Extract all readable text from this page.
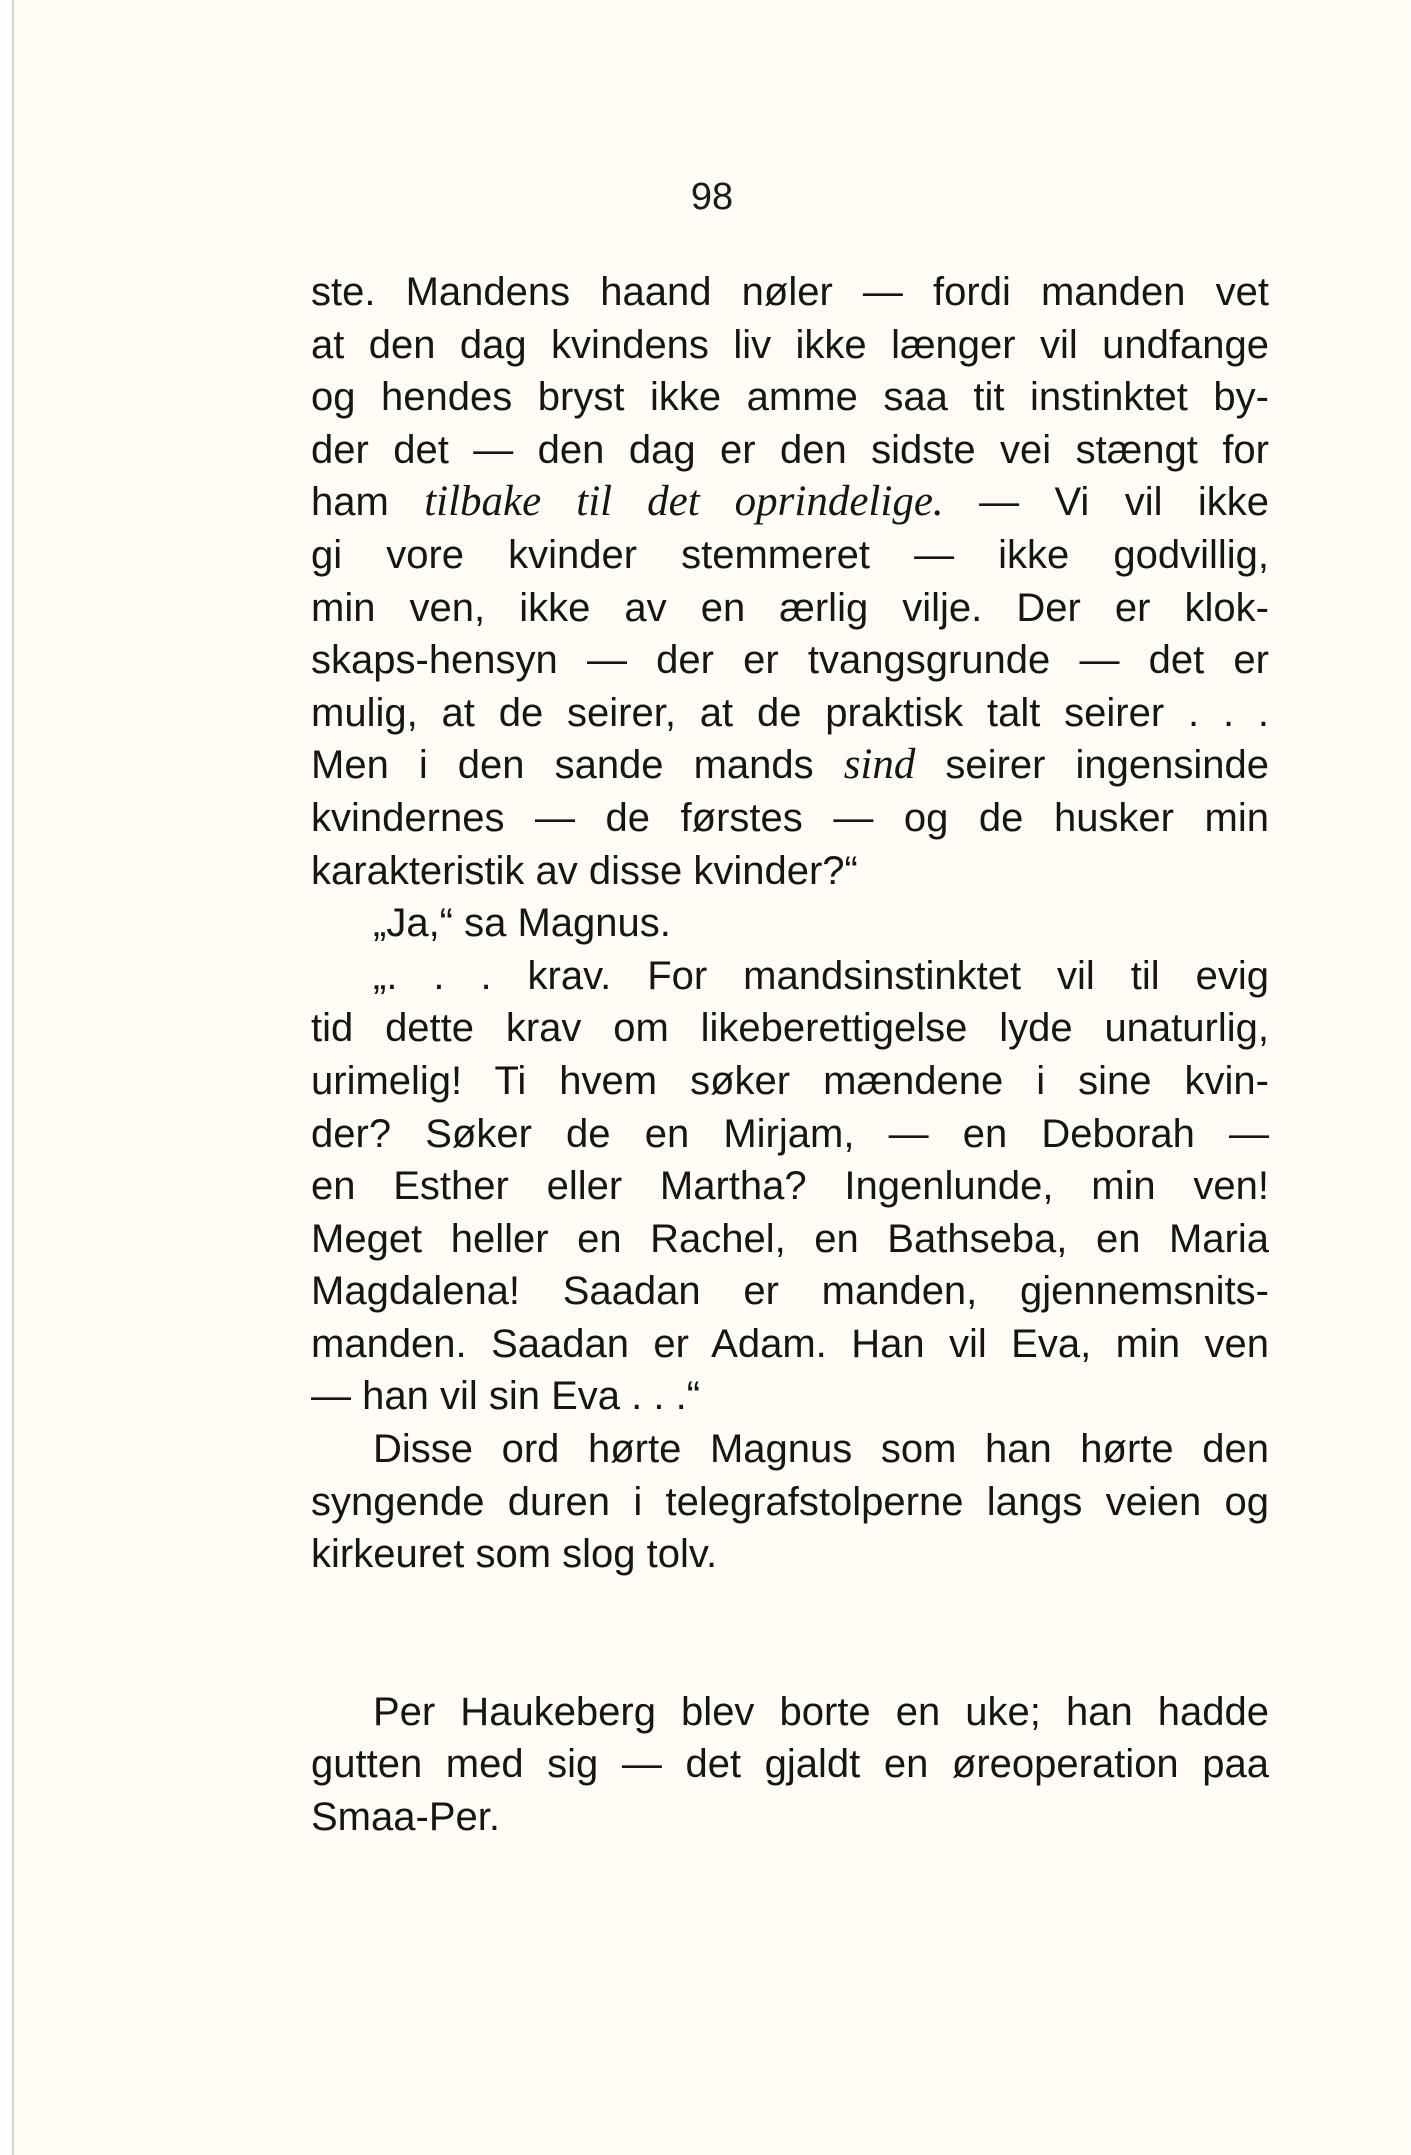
98
ste. Mandens haand nøler — fordi manden vet
at den dag kvindens liv ikke længer vil undfange
og hendes bryst ikke amme saa tit instinktet by-
der det — den dag er den sidste vei stængt for
ham tilbake til det oprindelige. — Vi vil ikke
gi vore kvinder stemmeret — ikke godvillig,
min ven, ikke av en ærlig vilje. Der er klok-
skaps-hensyn — der er tvangsgrunde — det er
mulig, at de seirer, at de praktisk talt seirer . . .
Men i den sande mands sind seirer ingensinde
kvindernes — de førstes — og de husker min
karakteristik av disse kvinder?“
„Ja,“ sa Magnus.
„. . . krav. For mandsinstinktet vil til evig
tid dette krav om likeberettigelse lyde unaturlig,
urimelig! Ti hvem søker mændene i sine kvin-
der? Søker de en Mirjam, — en Deborah —
en Esther eller Martha? Ingenlunde, min ven!
Meget heller en Rachel, en Bathseba, en Maria
Magdalena! Saadan er manden, gjennemsnits-
manden. Saadan er Adam. Han vil Eva, min ven
— han vil sin Eva . . .“
Disse ord hørte Magnus som han hørte den
syngende duren i telegrafstolperne langs veien og
kirkeuret som slog tolv.
Per Haukeberg blev borte en uke; han hadde
gutten med sig — det gjaldt en øreoperation paa
Smaa-Per.
